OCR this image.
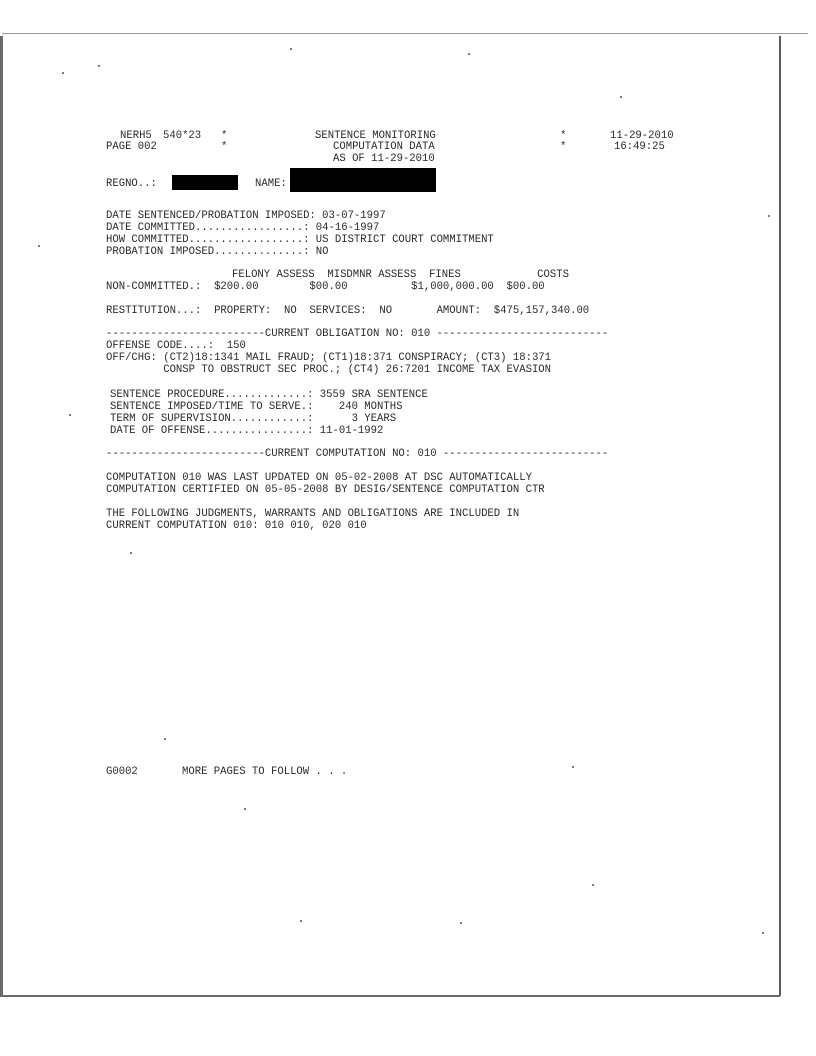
NERH5 540*23 *
PAGE 002	*
SENTENCE MONITORING
COMPUTATION DATA
AS OF 11-29-2010
*
*
11-29-2010
16:49:25
REGNO..:	NAME:
DATE SENTENCED/PROBATION IMPOSED: 03-07-1997
DATE COMMITTED.................: 04-16-1997
HOW COMMITTED..................: US DISTRICT COURT COMMITMENT
PROBATION IMPOSED..............: NO
FELONY ASSESS  MISDMNR ASSESS  FINES            COSTS
NON-COMMITTED.:  $200.00        $00.00          $1,000,000.00  $00.00
RESTITUTION...:  PROPERTY:  NO  SERVICES:  NO       AMOUNT:  $475,157,340.00
-------------------------CURRENT OBLIGATION NO: 010 ---------------------------
OFFENSE CODE....:  150
OFF/CHG: (CT2)18:1341 MAIL FRAUD; (CT1)18:371 CONSPIRACY; (CT3) 18:371
CONSP TO OBSTRUCT SEC PROC.; (CT4) 26:7201 INCOME TAX EVASION
SENTENCE PROCEDURE.............: 3559 SRA SENTENCE
SENTENCE IMPOSED/TIME TO SERVE.:    240 MONTHS
TERM OF SUPERVISION............:      3 YEARS
DATE OF OFFENSE................: 11-01-1992
-------------------------CURRENT COMPUTATION NO: 010 --------------------------
COMPUTATION 010 WAS LAST UPDATED ON 05-02-2008 AT DSC AUTOMATICALLY
COMPUTATION CERTIFIED ON 05-05-2008 BY DESIG/SENTENCE COMPUTATION CTR
THE FOLLOWING JUDGMENTS, WARRANTS AND OBLIGATIONS ARE INCLUDED IN
CURRENT COMPUTATION 010: 010 010, 020 010
G0002	MORE PAGES TO FOLLOW . . .
